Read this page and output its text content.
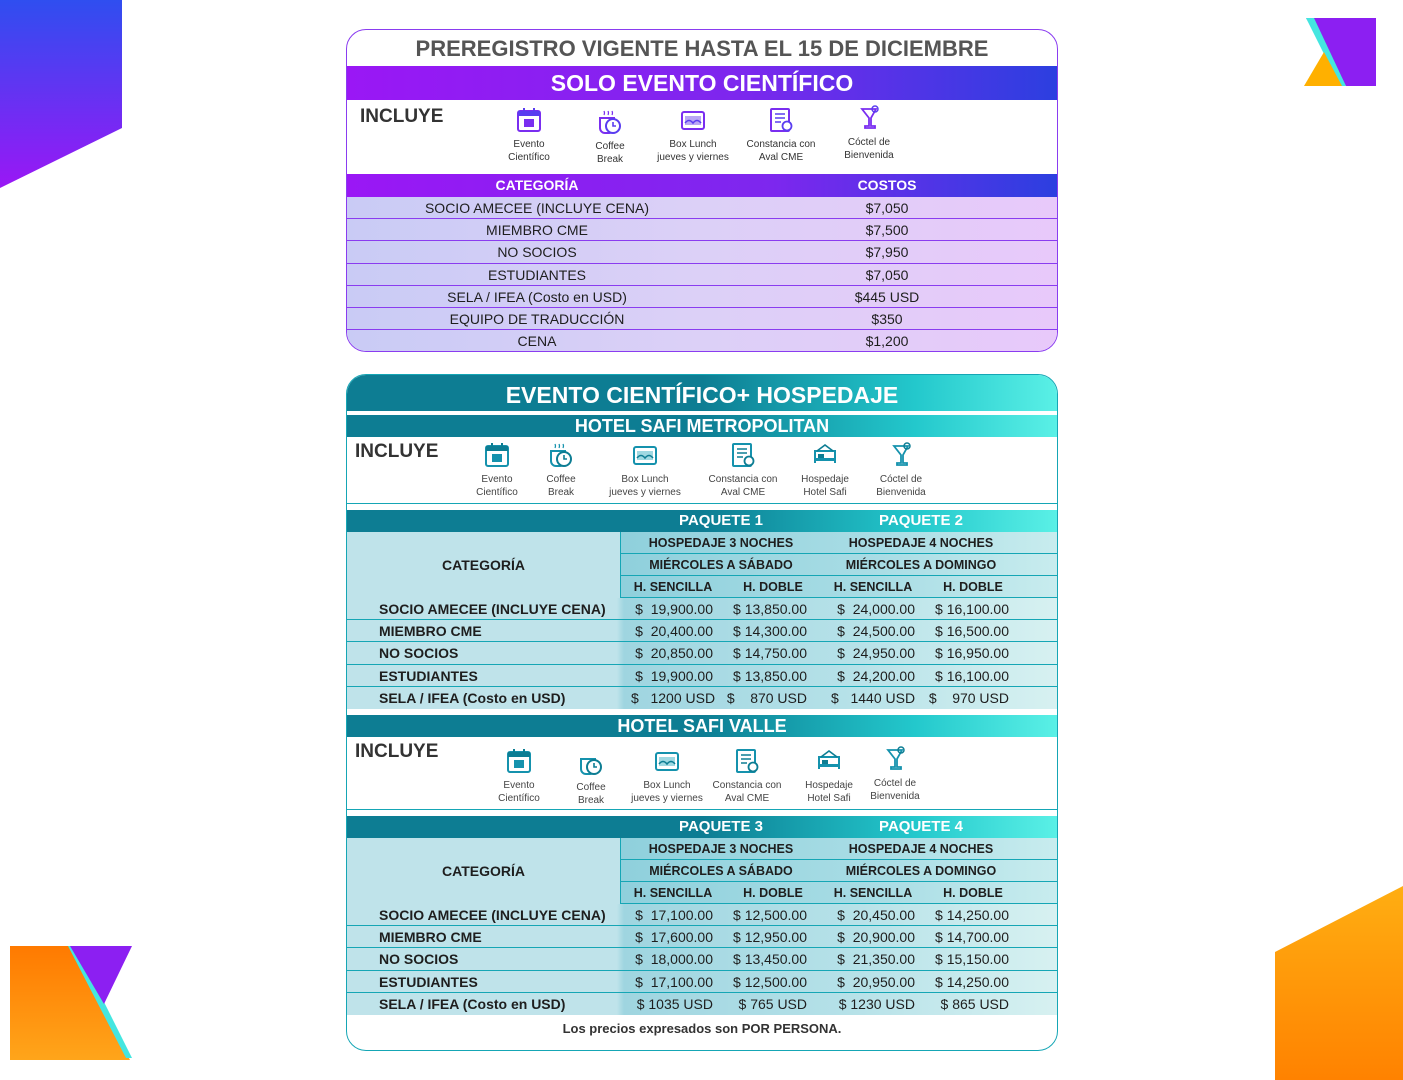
PREREGISTRO VIGENTE HASTA EL 15 DE DICIEMBRE
SOLO EVENTO CIENTÍFICO
INCLUYE
Evento
Científico
Coffee
Break
Box Lunch
jueves y viernes
Constancia con
Aval CME
Cóctel de
Bienvenida
CATEGORÍA	COSTOS
SOCIO AMECEE (INCLUYE CENA)	$7,050
MIEMBRO CME	$7,500
NO SOCIOS	$7,950
ESTUDIANTES	$7,050
SELA / IFEA (Costo en USD)	$445 USD
EQUIPO DE TRADUCCIÓN	$350
CENA	$1,200
EVENTO CIENTÍFICO+ HOSPEDAJE
HOTEL SAFI METROPOLITAN
INCLUYE
Evento
Científico
Coffee
Break
Box Lunch
jueves y viernes
Constancia con
Aval CME
Hospedaje
Hotel Safi
Cóctel de
Bienvenida
PAQUETE 1	PAQUETE 2
CATEGORÍA
HOSPEDAJE 3 NOCHES	HOSPEDAJE 4 NOCHES
MIÉRCOLES A SÁBADO	MIÉRCOLES A DOMINGO
H. SENCILLA	H. DOBLE	H. SENCILLA	H. DOBLE
SOCIO AMECEE (INCLUYE CENA) $  19,900.00	$ 13,850.00	$  24,000.00	$ 16,100.00
MIEMBRO CME	$  20,400.00	$ 14,300.00	$  24,500.00	$ 16,500.00
NO SOCIOS	$  20,850.00	$ 14,750.00	$  24,950.00	$ 16,950.00
ESTUDIANTES	$  19,900.00	$ 13,850.00	$  24,200.00	$ 16,100.00
SELA / IFEA (Costo en USD)	$   1200 USD $    870 USD $   1440 USD $    970 USD
HOTEL SAFI VALLE
INCLUYE
Evento
Científico
Coffee
Break
Box Lunch
jueves y viernes
Constancia con
Aval CME
Hospedaje
Hotel Safi
Cóctel de
Bienvenida
PAQUETE 3	PAQUETE 4
CATEGORÍA
HOSPEDAJE 3 NOCHES	HOSPEDAJE 4 NOCHES
MIÉRCOLES A SÁBADO	MIÉRCOLES A DOMINGO
H. SENCILLA	H. DOBLE	H. SENCILLA	H. DOBLE
SOCIO AMECEE (INCLUYE CENA) $  17,100.00	$ 12,500.00	$  20,450.00	$ 14,250.00
MIEMBRO CME	$  17,600.00	$ 12,950.00	$  20,900.00	$ 14,700.00
NO SOCIOS	$  18,000.00	$ 13,450.00	$  21,350.00	$ 15,150.00
ESTUDIANTES	$  17,100.00	$ 12,500.00	$  20,950.00	$ 14,250.00
SELA / IFEA (Costo en USD)	$ 1035 USD	$ 765 USD	$ 1230 USD	$ 865 USD
Los precios expresados son POR PERSONA.
